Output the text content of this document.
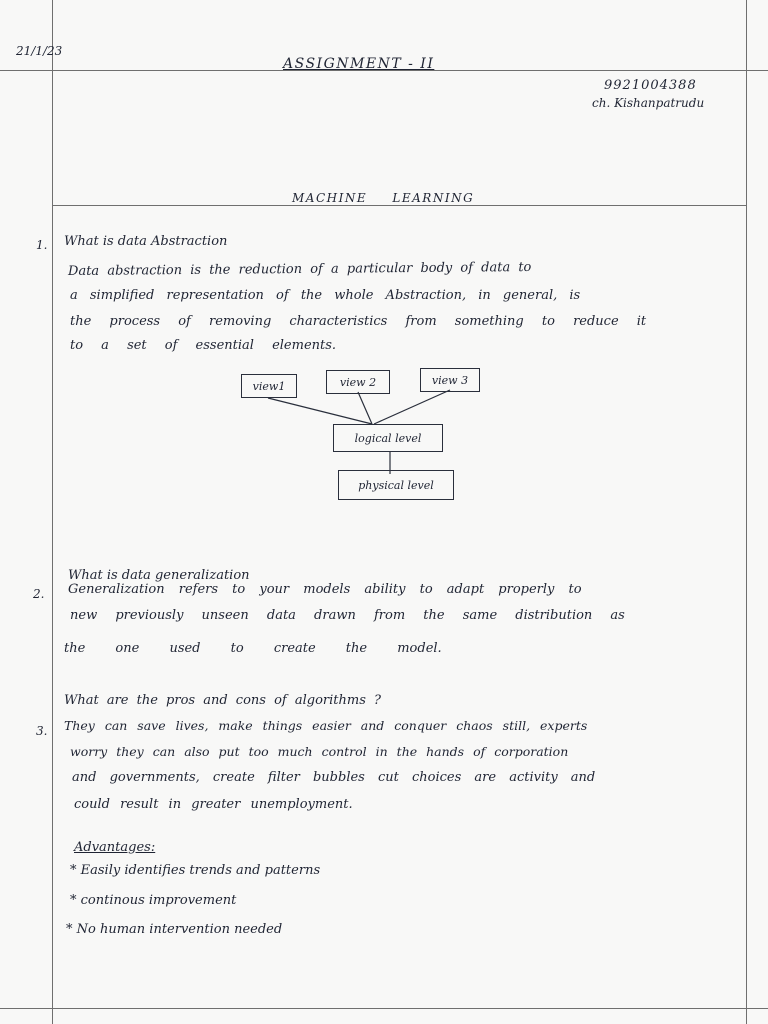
21/1/23
ASSIGNMENT - II
9921004388
ch. Kishanpatrudu
MACHINE LEARNING
1. What is data Abstraction
Data abstraction is the reduction of a particular body of data to
a simplified representation of the whole Abstraction, in general, is
the process of removing characteristics from something to reduce it
to a set of essential elements.
view1	view 2	view 3
logical level
physical level
2.
What is data generalization
Generalization refers to your models ability to adapt properly to
new previously unseen data drawn from the same distribution as
the one used to create the model.
3.
What are the pros and cons of algorithms ?
They can save lives, make things easier and conquer chaos still, experts
worry they can also put too much control in the hands of corporation
and governments, create filter bubbles cut choices are activity and
could result in greater unemployment.
Advantages:
* Easily identifies trends and patterns
* continous improvement
* No human intervention needed
